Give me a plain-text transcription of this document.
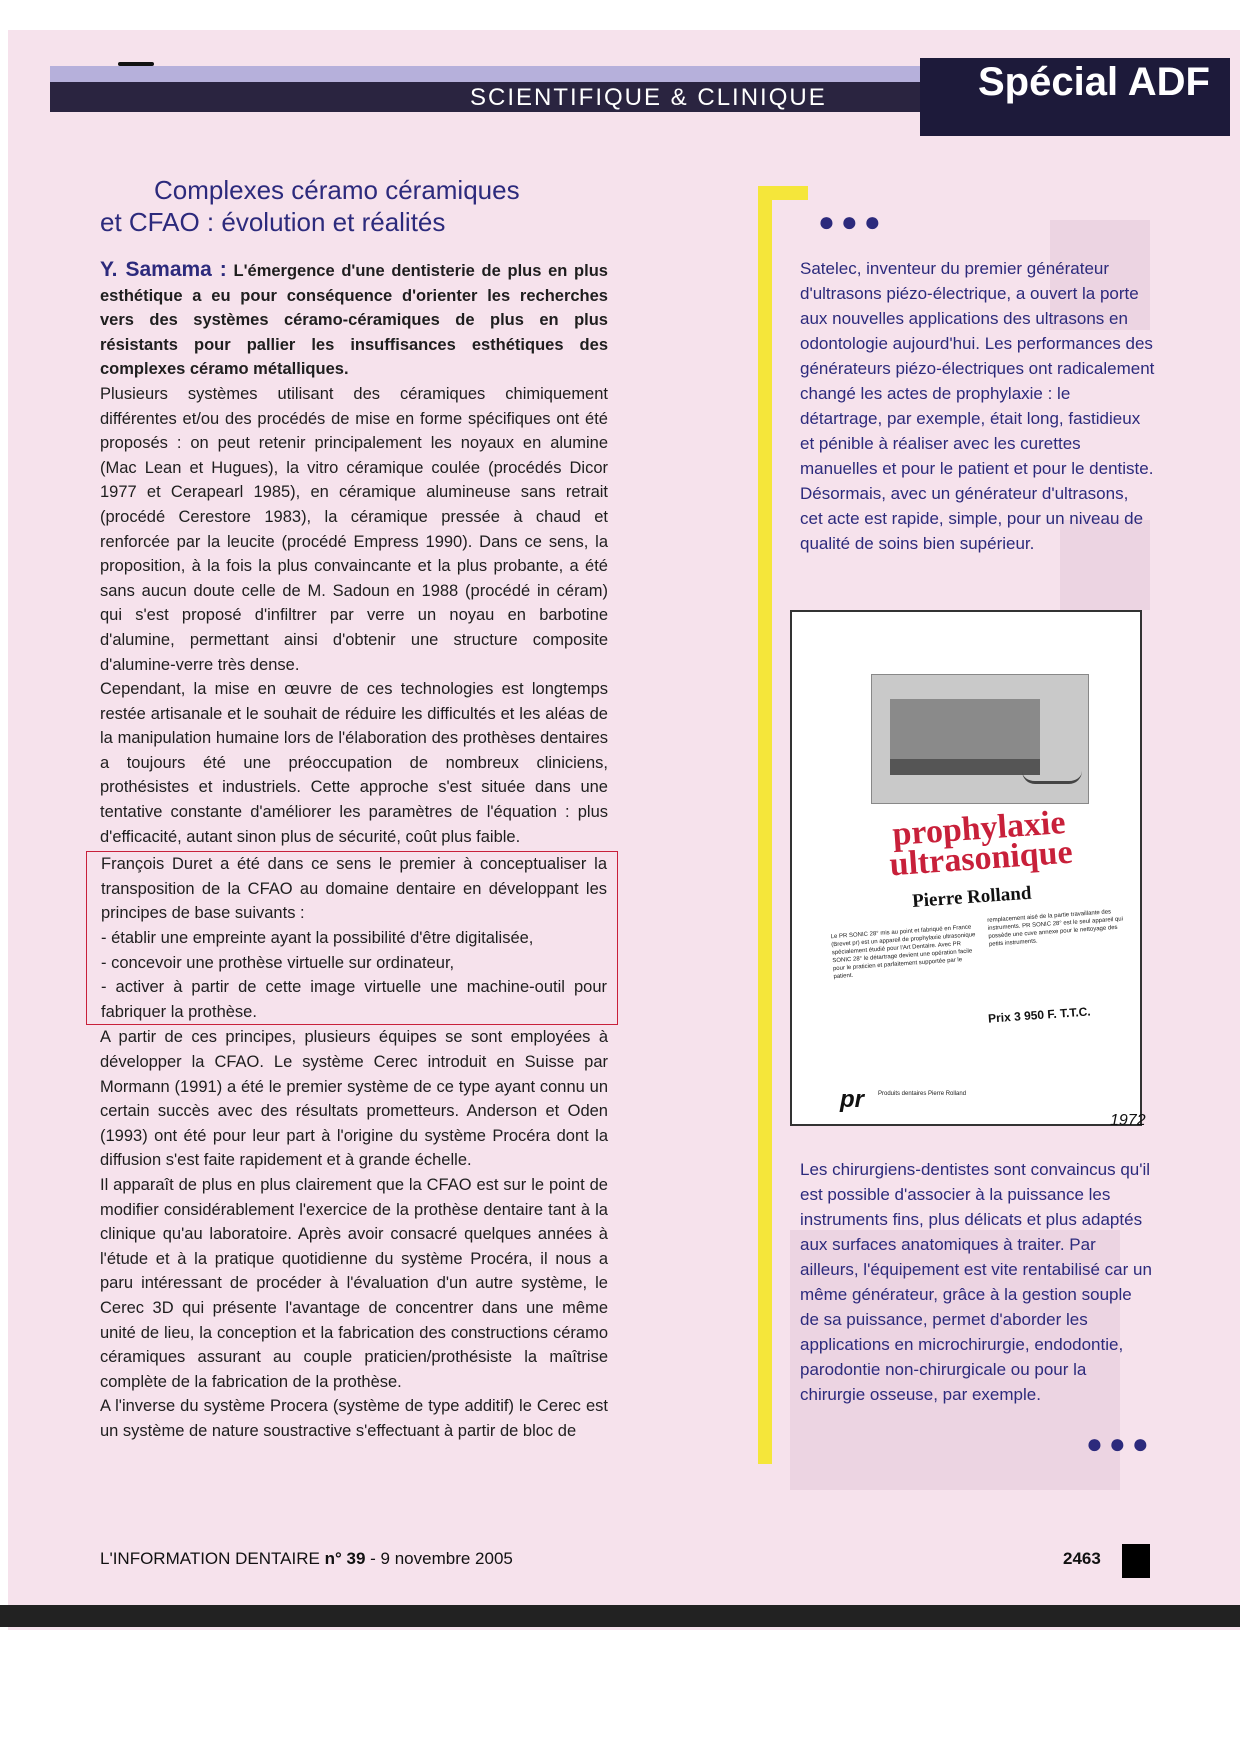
SCIENTIFIQUE & CLINIQUE	Spécial ADF
Complexes céramo céramiques
et CFAO : évolution et réalités

Y. Samama : L'émergence d'une dentisterie de plus en plus esthétique a eu pour conséquence d'orienter les recherches vers des systèmes céramo-céramiques de plus en plus résistants pour pallier les insuffisances esthétiques des complexes céramo métalliques.

Plusieurs systèmes utilisant des céramiques chimiquement différentes et/ou des procédés de mise en forme spécifiques ont été proposés : on peut retenir principalement les noyaux en alumine (Mac Lean et Hugues), la vitro céramique coulée (procédés Dicor 1977 et Cerapearl 1985), en céramique alumineuse sans retrait (procédé Cerestore 1983), la céramique pressée à chaud et renforcée par la leucite (procédé Empress 1990). Dans ce sens, la proposition, à la fois la plus convaincante et la plus probante, a été sans aucun doute celle de M. Sadoun en 1988 (procédé in céram) qui s'est proposé d'infiltrer par verre un noyau en barbotine d'alumine, permettant ainsi d'obtenir une structure composite d'alumine-verre très dense.

Cependant, la mise en œuvre de ces technologies est longtemps restée artisanale et le souhait de réduire les difficultés et les aléas de la manipulation humaine lors de l'élaboration des prothèses dentaires a toujours été une préoccupation de nombreux cliniciens, prothésistes et industriels. Cette approche s'est située dans une tentative constante d'améliorer les paramètres de l'équation : plus d'efficacité, autant sinon plus de sécurité, coût plus faible.

François Duret a été dans ce sens le premier à conceptualiser la transposition de la CFAO au domaine dentaire en développant les principes de base suivants :

- établir une empreinte ayant la possibilité d'être digitalisée,

- concevoir une prothèse virtuelle sur ordinateur,

- activer à partir de cette image virtuelle une machine-outil pour fabriquer la prothèse.

A partir de ces principes, plusieurs équipes se sont employées à développer la CFAO. Le système Cerec introduit en Suisse par Mormann (1991) a été le premier système de ce type ayant connu un certain succès avec des résultats prometteurs. Anderson et Oden (1993) ont été pour leur part à l'origine du système Procéra dont la diffusion s'est faite rapidement et à grande échelle.

Il apparaît de plus en plus clairement que la CFAO est sur le point de modifier considérablement l'exercice de la prothèse dentaire tant à la clinique qu'au laboratoire. Après avoir consacré quelques années à l'étude et à la pratique quotidienne du système Procéra, il nous a paru intéressant de procéder à l'évaluation d'un autre système, le Cerec 3D qui présente l'avantage de concentrer dans une même unité de lieu, la conception et la fabrication des constructions céramo céramiques assurant au couple praticien/prothésiste la maîtrise complète de la fabrication de la prothèse.

A l'inverse du système Procera (système de type additif) le Cerec est un système de nature soustractive s'effectuant à partir de bloc de

●●●
Satelec, inventeur du premier générateur d'ultrasons piézo-électrique, a ouvert la porte aux nouvelles applications des ultrasons en odontologie aujourd'hui. Les performances des générateurs piézo-électriques ont radicalement changé les actes de prophylaxie : le détartrage, par exemple, était long, fastidieux et pénible à réaliser avec les curettes manuelles et pour le patient et pour le dentiste. Désormais, avec un générateur d'ultrasons, cet acte est rapide, simple, pour un niveau de qualité de soins bien supérieur.
prophylaxie ultrasonique
Pierre Rolland
Le PR SONIC 28° mis au point et fabriqué en France (Brevet pr) est un appareil de prophylaxie ultrasonique spécialement étudié pour l'Art Dentaire. Avec PR SONIC 28° le détartrage devient une opération facile pour le praticien et parfaitement supportée par le patient.
remplacement aisé de la partie travaillante des instruments. PR SONIC 28° est le seul appareil qui possède une cuve annexe pour le nettoyage des petits instruments.
Prix 3 950 F. T.T.C.
pr Produits dentaires Pierre Rolland
1972
Les chirurgiens-dentistes sont convaincus qu'il est possible d'associer à la puissance les instruments fins, plus délicats et plus adaptés aux surfaces anatomiques à traiter. Par ailleurs, l'équipement est vite rentabilisé car un même générateur, grâce à la gestion souple de sa puissance, permet d'aborder les applications en microchirurgie, endodontie, parodontie non-chirurgicale ou pour la chirurgie osseuse, par exemple.
●●●
L'INFORMATION DENTAIRE n° 39 - 9 novembre 2005	2463
